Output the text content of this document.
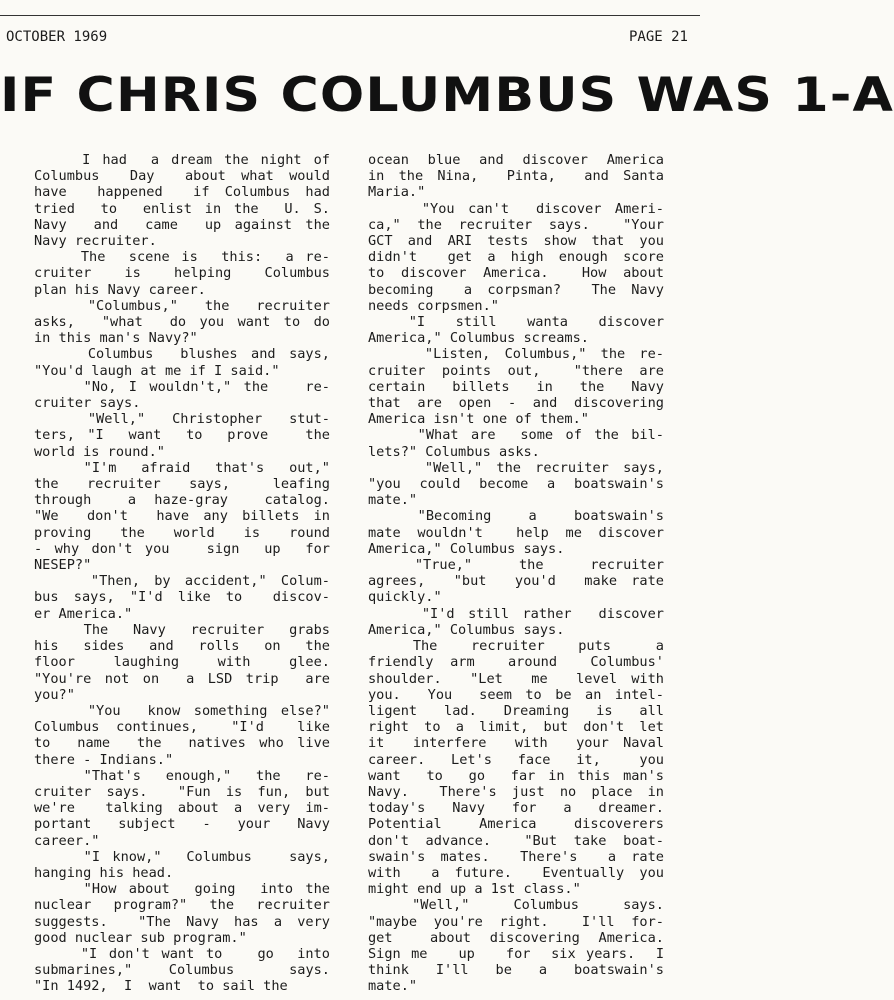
OCTOBER 1969	PAGE 21
IF CHRIS COLUMBUS WAS 1-A
I had  a dream the night of
Columbus  Day  about what would
have  happened  if Columbus had
tried  to  enlist in the  U. S.
Navy  and  came  up against the
Navy recruiter.
The  scene is  this:  a re-
cruiter  is  helping  Columbus
plan his Navy career.
"Columbus,"  the  recruiter
asks,  "what  do you want to do
in this man's Navy?"
Columbus  blushes and says,
"You'd laugh at me if I said."
"No, I wouldn't," the   re-
cruiter says.
"Well,"  Christopher  stut-
ters, "I  want  to  prove   the
world is round."
"I'm  afraid  that's  out,"
the  recruiter  says,   leafing
through  a haze-gray  catalog.
"We  don't  have any billets in
proving  the  world  is  round
- why don't you   sign  up  for
NESEP?"
"Then, by accident," Colum-
bus says, "I'd like to  discov-
er America."
The  Navy  recruiter  grabs
his  sides  and  rolls  on  the
floor   laughing   with   glee.
"You're not on  a LSD trip  are
you?"
"You  know something else?"
Columbus continues,  "I'd  like
to  name  the  natives who live
there - Indians."
"That's  enough,"  the  re-
cruiter says.  "Fun is fun, but
we're  talking about a very im-
portant  subject  -  your  Navy
career."
"I know,"  Columbus   says,
hanging his head.
"How about  going  into the
nuclear program?" the recruiter
suggests.  "The Navy has a very
good nuclear sub program."
"I don't want to   go  into
submarines,"  Columbus   says.
"In 1492,  I  want  to sail the
ocean blue and discover America
in the Nina,  Pinta,  and Santa
Maria."
"You can't  discover Ameri-
ca," the recruiter says.  "Your
GCT and ARI tests show that you
didn't  get a high enough score
to discover America.  How about
becoming  a corpsman?  The Navy
needs corpsmen."
"I   still   wanta   discover
America," Columbus screams.
"Listen, Columbus," the re-
cruiter points out,  "there are
certain  billets  in  the  Navy
that are open - and discovering
America isn't one of them."
"What are  some of the bil-
lets?" Columbus asks.
"Well," the recruiter says,
"you could become a boatswain's
mate."
"Becoming   a   boatswain's
mate wouldn't  help me discover
America," Columbus says.
"True,"    the    recruiter
agrees,  "but  you'd  make rate
quickly."
"I'd still rather  discover
America," Columbus says.
The   recruiter   puts    a
friendly arm  around  Columbus'
shoulder.  "Let  me  level with
you.  You  seem to be an intel-
ligent  lad.  Dreaming  is  all
right to a limit, but don't let
it  interfere  with  your Naval
career.  Let's  face  it,   you
want  to  go  far in this man's
Navy.  There's just no place in
today's  Navy  for  a  dreamer.
Potential  America  discoverers
don't advance.  "But take boat-
swain's mates.  There's  a rate
with  a future.  Eventually you
might end up a 1st class."
"Well,"    Columbus    says.
"maybe you're right.  I'll for-
get  about discovering America.
Sign me   up   for  six years.  I
think  I'll  be  a  boatswain's
mate."
